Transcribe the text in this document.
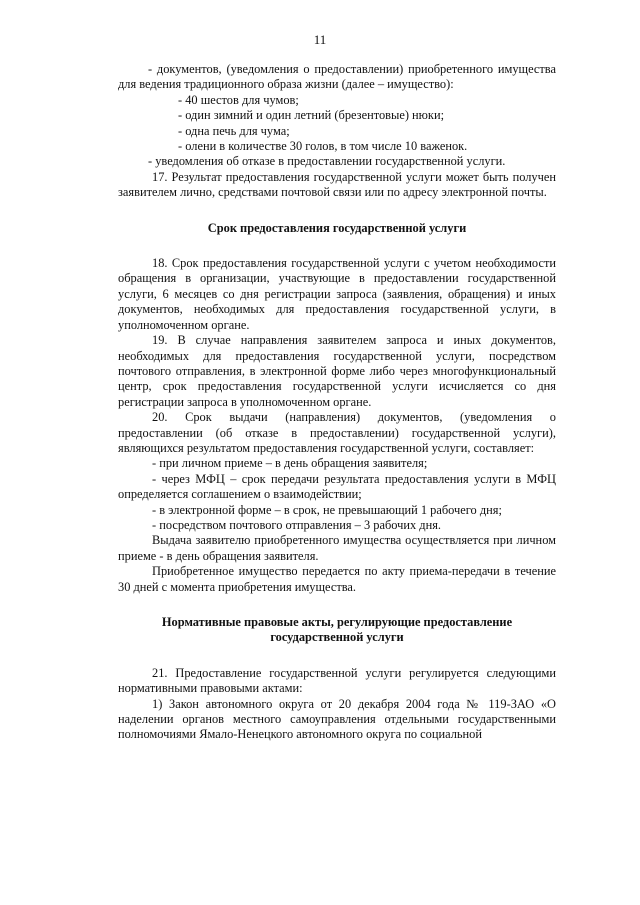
11

- документов, (уведомления о предоставлении) приобретенного имущества для ведения традиционного образа жизни (далее – имущество):

- 40 шестов для чумов;

- один зимний и один летний (брезентовые) нюки;

- одна печь для чума;

- олени в количестве 30 голов, в том числе 10 важенок.

- уведомления об отказе в предоставлении государственной услуги.

17. Результат предоставления государственной услуги может быть получен заявителем лично, средствами почтовой связи или по адресу электронной почты.

Срок предоставления государственной услуги

18. Срок предоставления государственной услуги с учетом необходимости обращения в организации, участвующие в предоставлении государственной услуги, 6 месяцев со дня регистрации запроса (заявления, обращения) и иных документов, необходимых для предоставления государственной услуги, в уполномоченном органе.

19. В случае направления заявителем запроса и иных документов, необходимых для предоставления государственной услуги, посредством почтового отправления, в электронной форме либо через многофункциональный центр, срок предоставления государственной услуги исчисляется со дня регистрации запроса в уполномоченном органе.

20. Срок выдачи (направления) документов, (уведомления о предоставлении (об отказе в предоставлении) государственной услуги), являющихся результатом предоставления государственной услуги, составляет:

- при личном приеме – в день обращения заявителя;

- через МФЦ – срок передачи результата предоставления услуги в МФЦ определяется соглашением о взаимодействии;

- в электронной форме – в срок, не превышающий 1 рабочего дня;

- посредством почтового отправления – 3 рабочих дня.

Выдача заявителю приобретенного имущества осуществляется при личном приеме - в день обращения заявителя.

Приобретенное имущество передается по акту приема-передачи в течение 30 дней с момента приобретения имущества.

Нормативные правовые акты, регулирующие предоставление

государственной услуги

21. Предоставление государственной услуги регулируется следующими нормативными правовыми актами:

1) Закон автономного округа от 20 декабря 2004 года № 119-ЗАО «О наделении органов местного самоуправления отдельными государственными полномочиями Ямало-Ненецкого автономного округа по социальной
